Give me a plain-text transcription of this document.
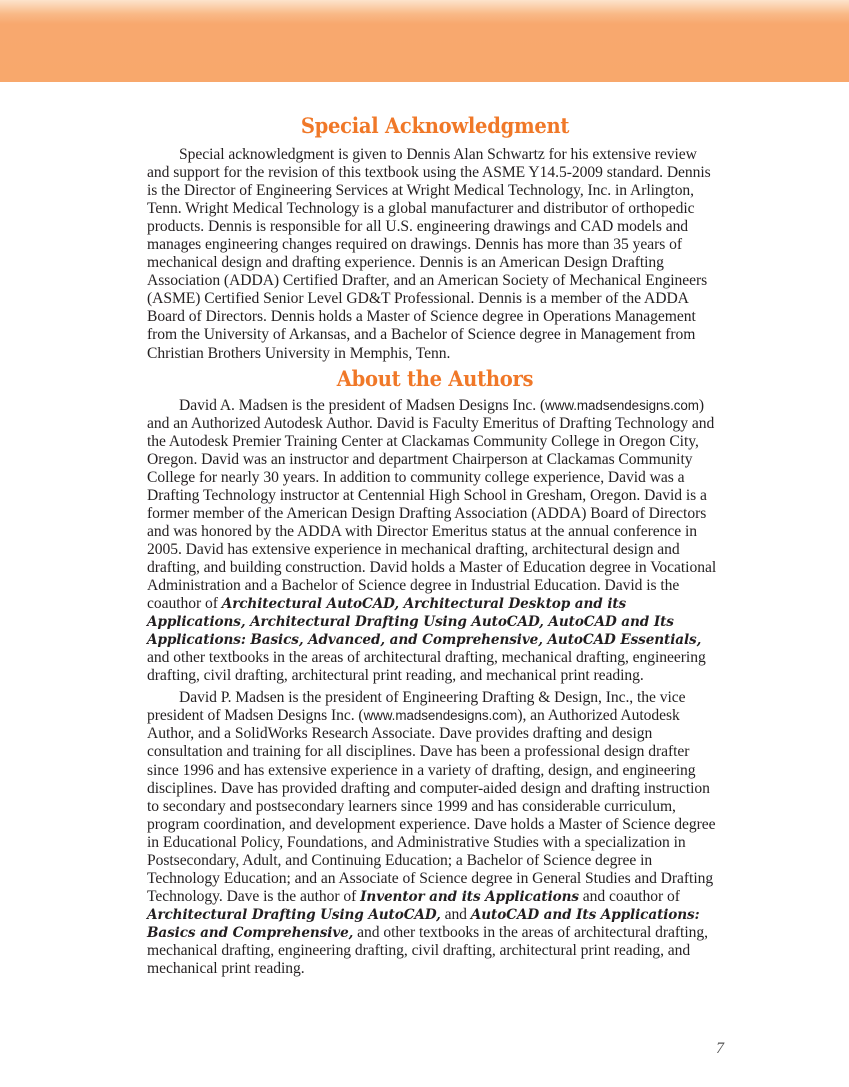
Special Acknowledgment

Special acknowledgment is given to Dennis Alan Schwartz for his extensive review and support for the revision of this textbook using the ASME Y14.5-2009 standard. Dennis is the Director of Engineering Services at Wright Medical Technology, Inc. in Arlington, Tenn. Wright Medical Technology is a global manufacturer and distributor of orthopedic products. Dennis is responsible for all U.S. engineering drawings and CAD models and manages engineering changes required on drawings. Dennis has more than 35 years of mechanical design and drafting experience. Dennis is an American Design Drafting Association (ADDA) Certified Drafter, and an American Society of Mechanical Engineers (ASME) Certified Senior Level GD&T Professional. Dennis is a member of the ADDA Board of Directors. Dennis holds a Master of Science degree in Operations Management from the University of Arkansas, and a Bachelor of Science degree in Management from Christian Brothers University in Memphis, Tenn.

About the Authors

David A. Madsen is the president of Madsen Designs Inc. (www.madsendesigns.com) and an Authorized Autodesk Author. David is Faculty Emeritus of Drafting Technology and the Autodesk Premier Training Center at Clackamas Community College in Oregon City, Oregon. David was an instructor and department Chairperson at Clackamas Community College for nearly 30 years. In addition to community college experience, David was a Drafting Technology instructor at Centennial High School in Gresham, Oregon. David is a former member of the American Design Drafting Association (ADDA) Board of Directors and was honored by the ADDA with Director Emeritus status at the annual conference in 2005. David has extensive experience in mechanical drafting, architectural design and drafting, and building construction. David holds a Master of Education degree in Vocational Administration and a Bachelor of Science degree in Industrial Education. David is the coauthor of Architectural AutoCAD, Architectural Desktop and its Applications, Architectural Drafting Using AutoCAD, AutoCAD and Its Applications: Basics, Advanced, and Comprehensive, AutoCAD Essentials, and other textbooks in the areas of architectural drafting, mechanical drafting, engineering drafting, civil drafting, architectural print reading, and mechanical print reading.

David P. Madsen is the president of Engineering Drafting & Design, Inc., the vice president of Madsen Designs Inc. (www.madsendesigns.com), an Authorized Autodesk Author, and a SolidWorks Research Associate. Dave provides drafting and design consultation and training for all disciplines. Dave has been a professional design drafter since 1996 and has extensive experience in a variety of drafting, design, and engineering disciplines. Dave has provided drafting and computer-aided design and drafting instruction to secondary and postsecondary learners since 1999 and has considerable curriculum, program coordination, and development experience. Dave holds a Master of Science degree in Educational Policy, Foundations, and Administrative Studies with a specialization in Postsecondary, Adult, and Continuing Education; a Bachelor of Science degree in Technology Education; and an Associate of Science degree in General Studies and Drafting Technology. Dave is the author of Inventor and its Applications and coauthor of Architectural Drafting Using AutoCAD, and AutoCAD and Its Applications: Basics and Comprehensive, and other textbooks in the areas of architectural drafting, mechanical drafting, engineering drafting, civil drafting, architectural print reading, and mechanical print reading.

7
